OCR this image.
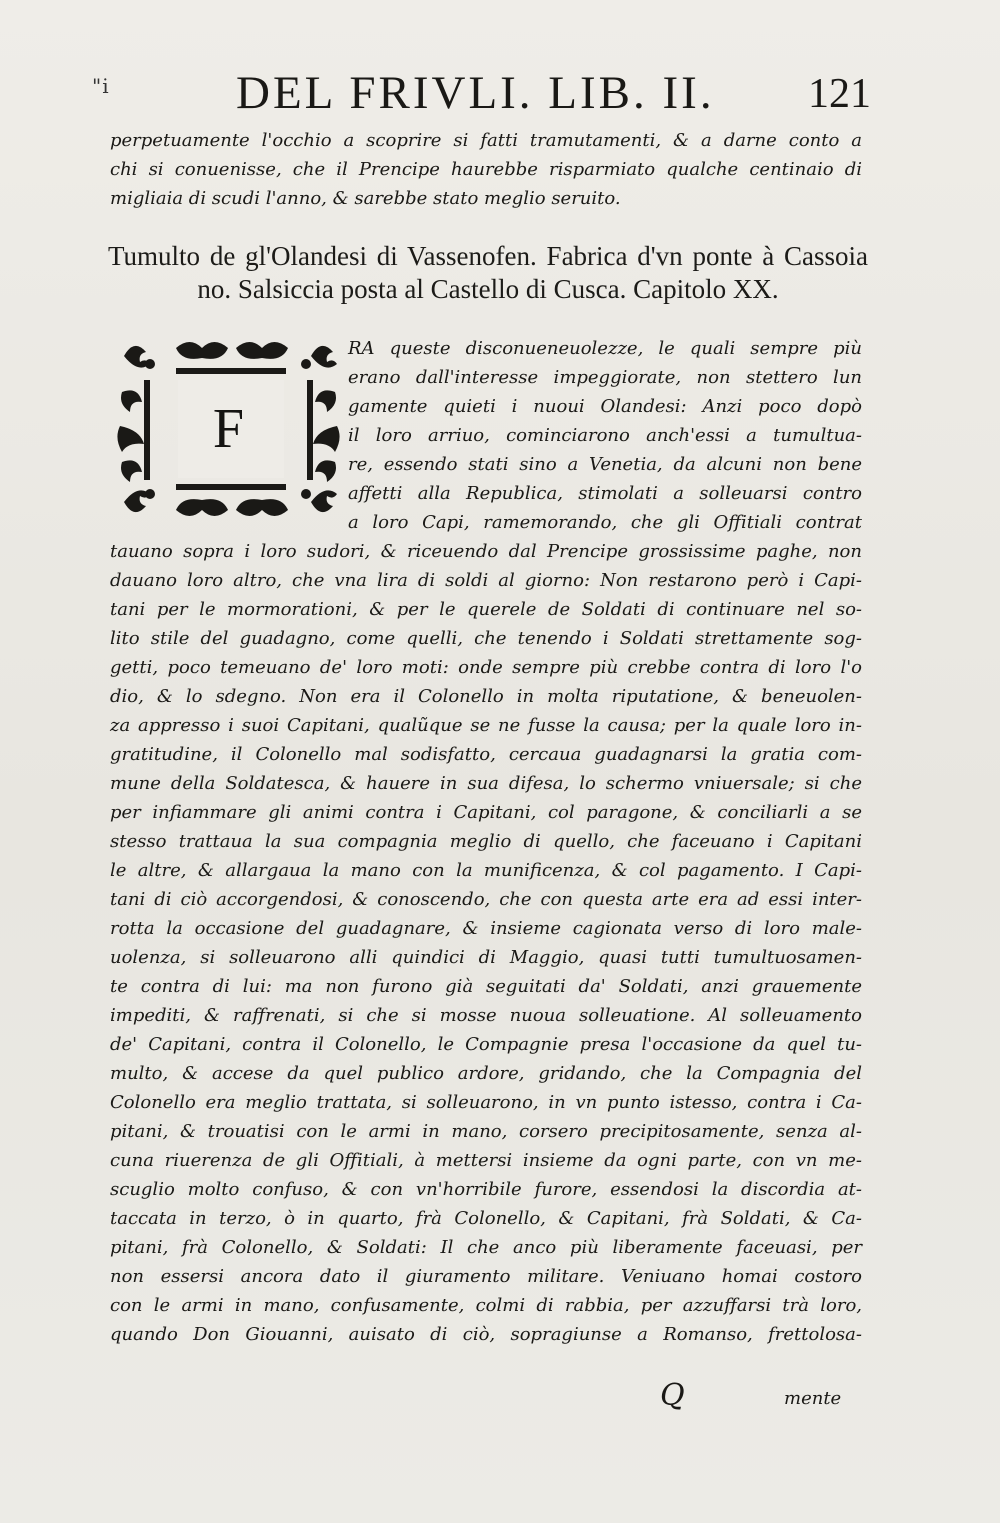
"i	DEL FRIVLI. LIB. II. 121
perpetuamente l'occhio a scoprire si fatti tramutamenti, & a darne conto a
chi si conuenisse, che il Prencipe haurebbe risparmiato qualche centinaio di
migliaia di scudi l'anno, & sarebbe stato meglio seruito.
Tumulto de gl'Olandesi di Vassenofen. Fabrica d'vn ponte à Cassoia
no. Salsiccia posta al Castello di Cusca. Capitolo XX.
F
RA queste disconueneuolezze, le quali sempre più
erano dall'interesse impeggiorate, non stettero lun
gamente quieti i nuoui Olandesi: Anzi poco dopò
il loro arriuo, cominciarono anch'essi a tumultua-
re, essendo stati sino a Venetia, da alcuni non bene
affetti alla Republica, stimolati a solleuarsi contro
a loro Capi, ramemorando, che gli Offitiali contrat
tauano sopra i loro sudori, & riceuendo dal Prencipe grossissime paghe, non
dauano loro altro, che vna lira di soldi al giorno: Non restarono però i Capi-
tani per le mormorationi, & per le querele de Soldati di continuare nel so-
lito stile del guadagno, come quelli, che tenendo i Soldati strettamente sog-
getti, poco temeuano de' loro moti: onde sempre più crebbe contra di loro l'o
dio, & lo sdegno. Non era il Colonello in molta riputatione, & beneuolen-
za appresso i suoi Capitani, qualũque se ne fusse la causa; per la quale loro in-
gratitudine, il Colonello mal sodisfatto, cercaua guadagnarsi la gratia com-
mune della Soldatesca, & hauere in sua difesa, lo schermo vniuersale; si che
per infiammare gli animi contra i Capitani, col paragone, & conciliarli a se
stesso trattaua la sua compagnia meglio di quello, che faceuano i Capitani
le altre, & allargaua la mano con la munificenza, & col pagamento. I Capi-
tani di ciò accorgendosi, & conoscendo, che con questa arte era ad essi inter-
rotta la occasione del guadagnare, & insieme cagionata verso di loro male-
uolenza, si solleuarono alli quindici di Maggio, quasi tutti tumultuosamen-
te contra di lui: ma non furono già seguitati da' Soldati, anzi grauemente
impediti, & raffrenati, si che si mosse nuoua solleuatione. Al solleuamento
de' Capitani, contra il Colonello, le Compagnie presa l'occasione da quel tu-
multo, & accese da quel publico ardore, gridando, che la Compagnia del
Colonello era meglio trattata, si solleuarono, in vn punto istesso, contra i Ca-
pitani, & trouatisi con le armi in mano, corsero precipitosamente, senza al-
cuna riuerenza de gli Offitiali, à mettersi insieme da ogni parte, con vn me-
scuglio molto confuso, & con vn'horribile furore, essendosi la discordia at-
taccata in terzo, ò in quarto, frà Colonello, & Capitani, frà Soldati, & Ca-
pitani, frà Colonello, & Soldati: Il che anco più liberamente faceuasi, per
non essersi ancora dato il giuramento militare. Veniuano homai costoro
con le armi in mano, confusamente, colmi di rabbia, per azzuffarsi trà loro,
quando Don Giouanni, auisato di ciò, sopragiunse a Romanso, frettolosa-
Q	mente
